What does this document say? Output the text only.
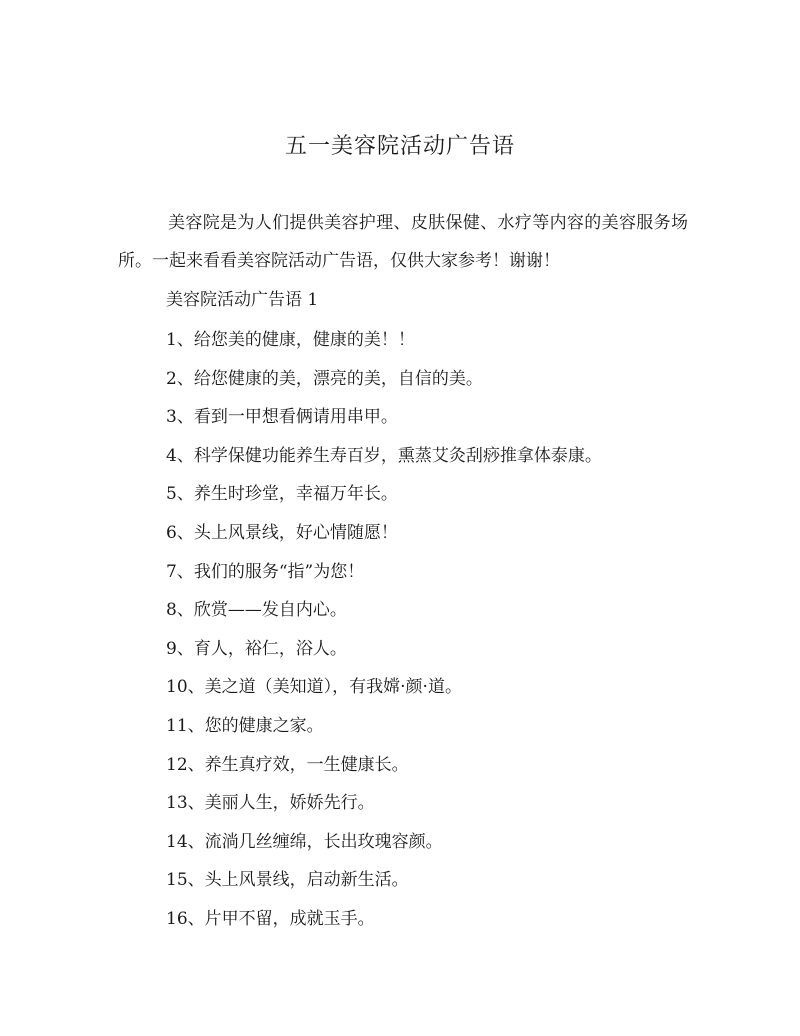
五一美容院活动广告语
美容院是为人们提供美容护理、皮肤保健、水疗等内容的美容服务场所。一起来看看美容院活动广告语，仅供大家参考！谢谢！
美容院活动广告语 1
1、给您美的健康，健康的美！！
2、给您健康的美，漂亮的美，自信的美。
3、看到一甲想看俩请用串甲。
4、科学保健功能养生寿百岁，熏蒸艾灸刮痧推拿体泰康。
5、养生时珍堂，幸福万年长。
6、头上风景线，好心情随愿！
7、我们的服务“指”为您！
8、欣赏——发自内心。
9、育人，裕仁，浴人。
10、美之道（美知道），有我嫦·颜·道。
11、您的健康之家。
12、养生真疗效，一生健康长。
13、美丽人生，娇娇先行。
14、流淌几丝缠绵，长出玫瑰容颜。
15、头上风景线，启动新生活。
16、片甲不留，成就玉手。
